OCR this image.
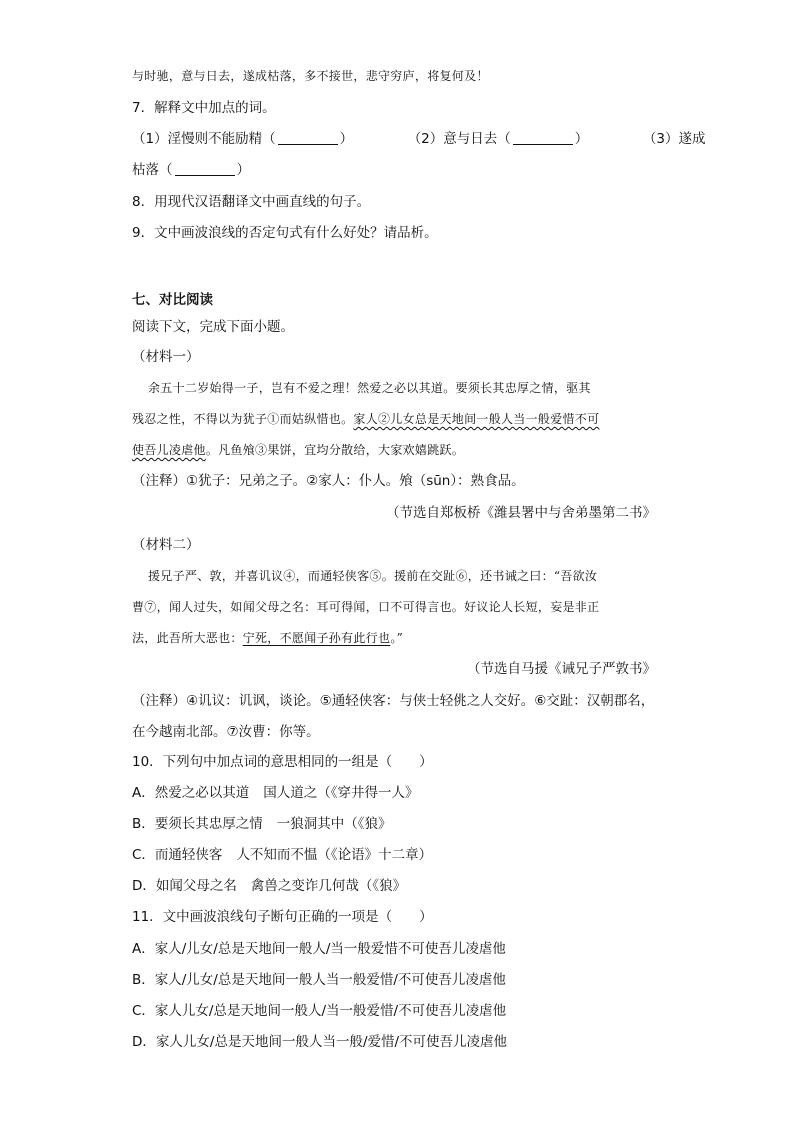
与时驰，意与日去，遂成枯落，多不接世，悲守穷庐，将复何及！
7．解释文中加点的词。
（1）淫慢则不能励精（	）	（2）意与日去（	）	（3）遂成
枯落（	）
8．用现代汉语翻译文中画直线的句子。
9．文中画波浪线的否定句式有什么好处？请品析。
七、对比阅读
阅读下文，完成下面小题。
（材料一）
余五十二岁始得一子，岂有不爱之理！然爱之必以其道。要须长其忠厚之情，驱其
残忍之性，不得以为犹子①而姑纵惜也。家人②儿女总是天地间一般人当一般爱惜不可
使吾儿凌虐他。凡鱼飧③果饼，宜均分散给，大家欢嬉跳跃。
（注释）①犹子：兄弟之子。②家人：仆人。飧（sūn）：熟食品。
（节选自郑板桥《潍县署中与舍弟墨第二书》
（材料二）
援兄子严、敦，并喜讥议④，而通轻侠客⑤。援前在交趾⑥，还书诫之曰：“吾欲汝
曹⑦，闻人过失，如闻父母之名：耳可得闻，口不可得言也。好议论人长短，妄是非正
法，此吾所大恶也：宁死，不愿闻子孙有此行也。”
（节选自马援《诫兄子严敦书》
（注释）④讥议：讥讽，谈论。⑤通轻侠客：与侠士轻佻之人交好。⑥交趾：汉朝郡名，
在今越南北部。⑦汝曹：你等。
10．下列句中加点词的意思相同的一组是（　　）
A．然爱之必以其道 国人道之（《穿井得一人》
B．要须长其忠厚之情 一狼洞其中（《狼》
C．而通轻侠客 人不知而不愠（《论语》十二章）
D．如闻父母之名 禽兽之变诈几何哉（《狼》
11．文中画波浪线句子断句正确的一项是（　　）
A．家人/儿女/总是天地间一般人/当一般爱惜不可使吾儿凌虐他
B．家人/儿女/总是天地间一般人当一般爱惜/不可使吾儿凌虐他
C．家人儿女/总是天地间一般人/当一般爱惜/不可使吾儿凌虐他
D．家人儿女/总是天地间一般人当一般/爱惜/不可使吾儿凌虐他
